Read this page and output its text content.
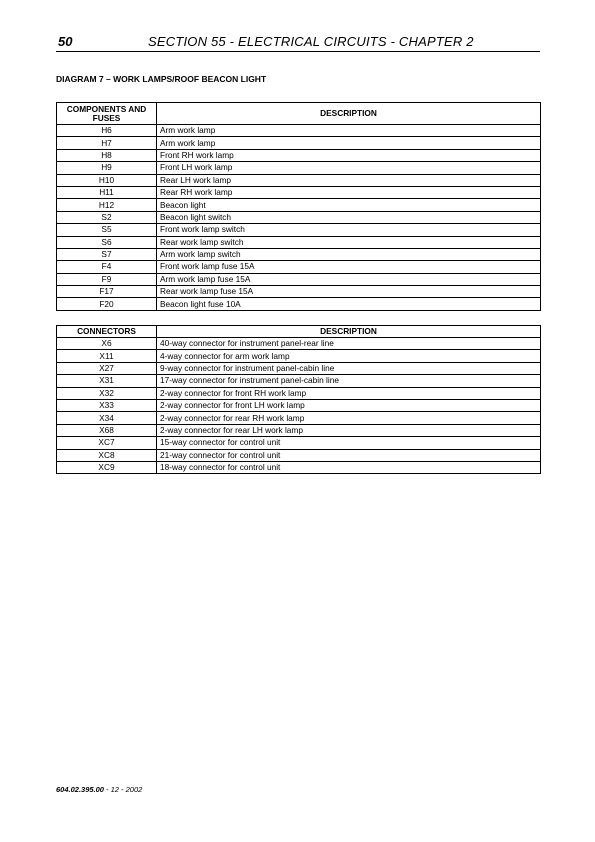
50	SECTION 55 - ELECTRICAL CIRCUITS - CHAPTER 2
DIAGRAM 7 – WORK LAMPS/ROOF BEACON LIGHT
COMPONENTS AND FUSES	DESCRIPTION
H6	Arm work lamp
H7	Arm work lamp
H8	Front RH work lamp
H9	Front LH work lamp
H10	Rear LH work lamp
H11	Rear RH work lamp
H12	Beacon light
S2	Beacon light switch
S5	Front work lamp switch
S6	Rear work lamp switch
S7	Arm work lamp switch
F4	Front work lamp fuse 15A
F9	Arm work lamp fuse 15A
F17	Rear work lamp fuse 15A
F20	Beacon light fuse 10A
CONNECTORS	DESCRIPTION
X6	40-way connector for instrument panel-rear line
X11	4-way connector for arm work lamp
X27	9-way connector for instrument panel-cabin line
X31	17-way connector for instrument panel-cabin line
X32	2-way connector for front RH work lamp
X33	2-way connector for front LH work lamp
X34	2-way connector for rear RH work lamp
X68	2-way connector for rear LH work lamp
XC7	15-way connector for control unit
XC8	21-way connector for control unit
XC9	18-way connector for control unit
604.02.395.00 - 12 - 2002
